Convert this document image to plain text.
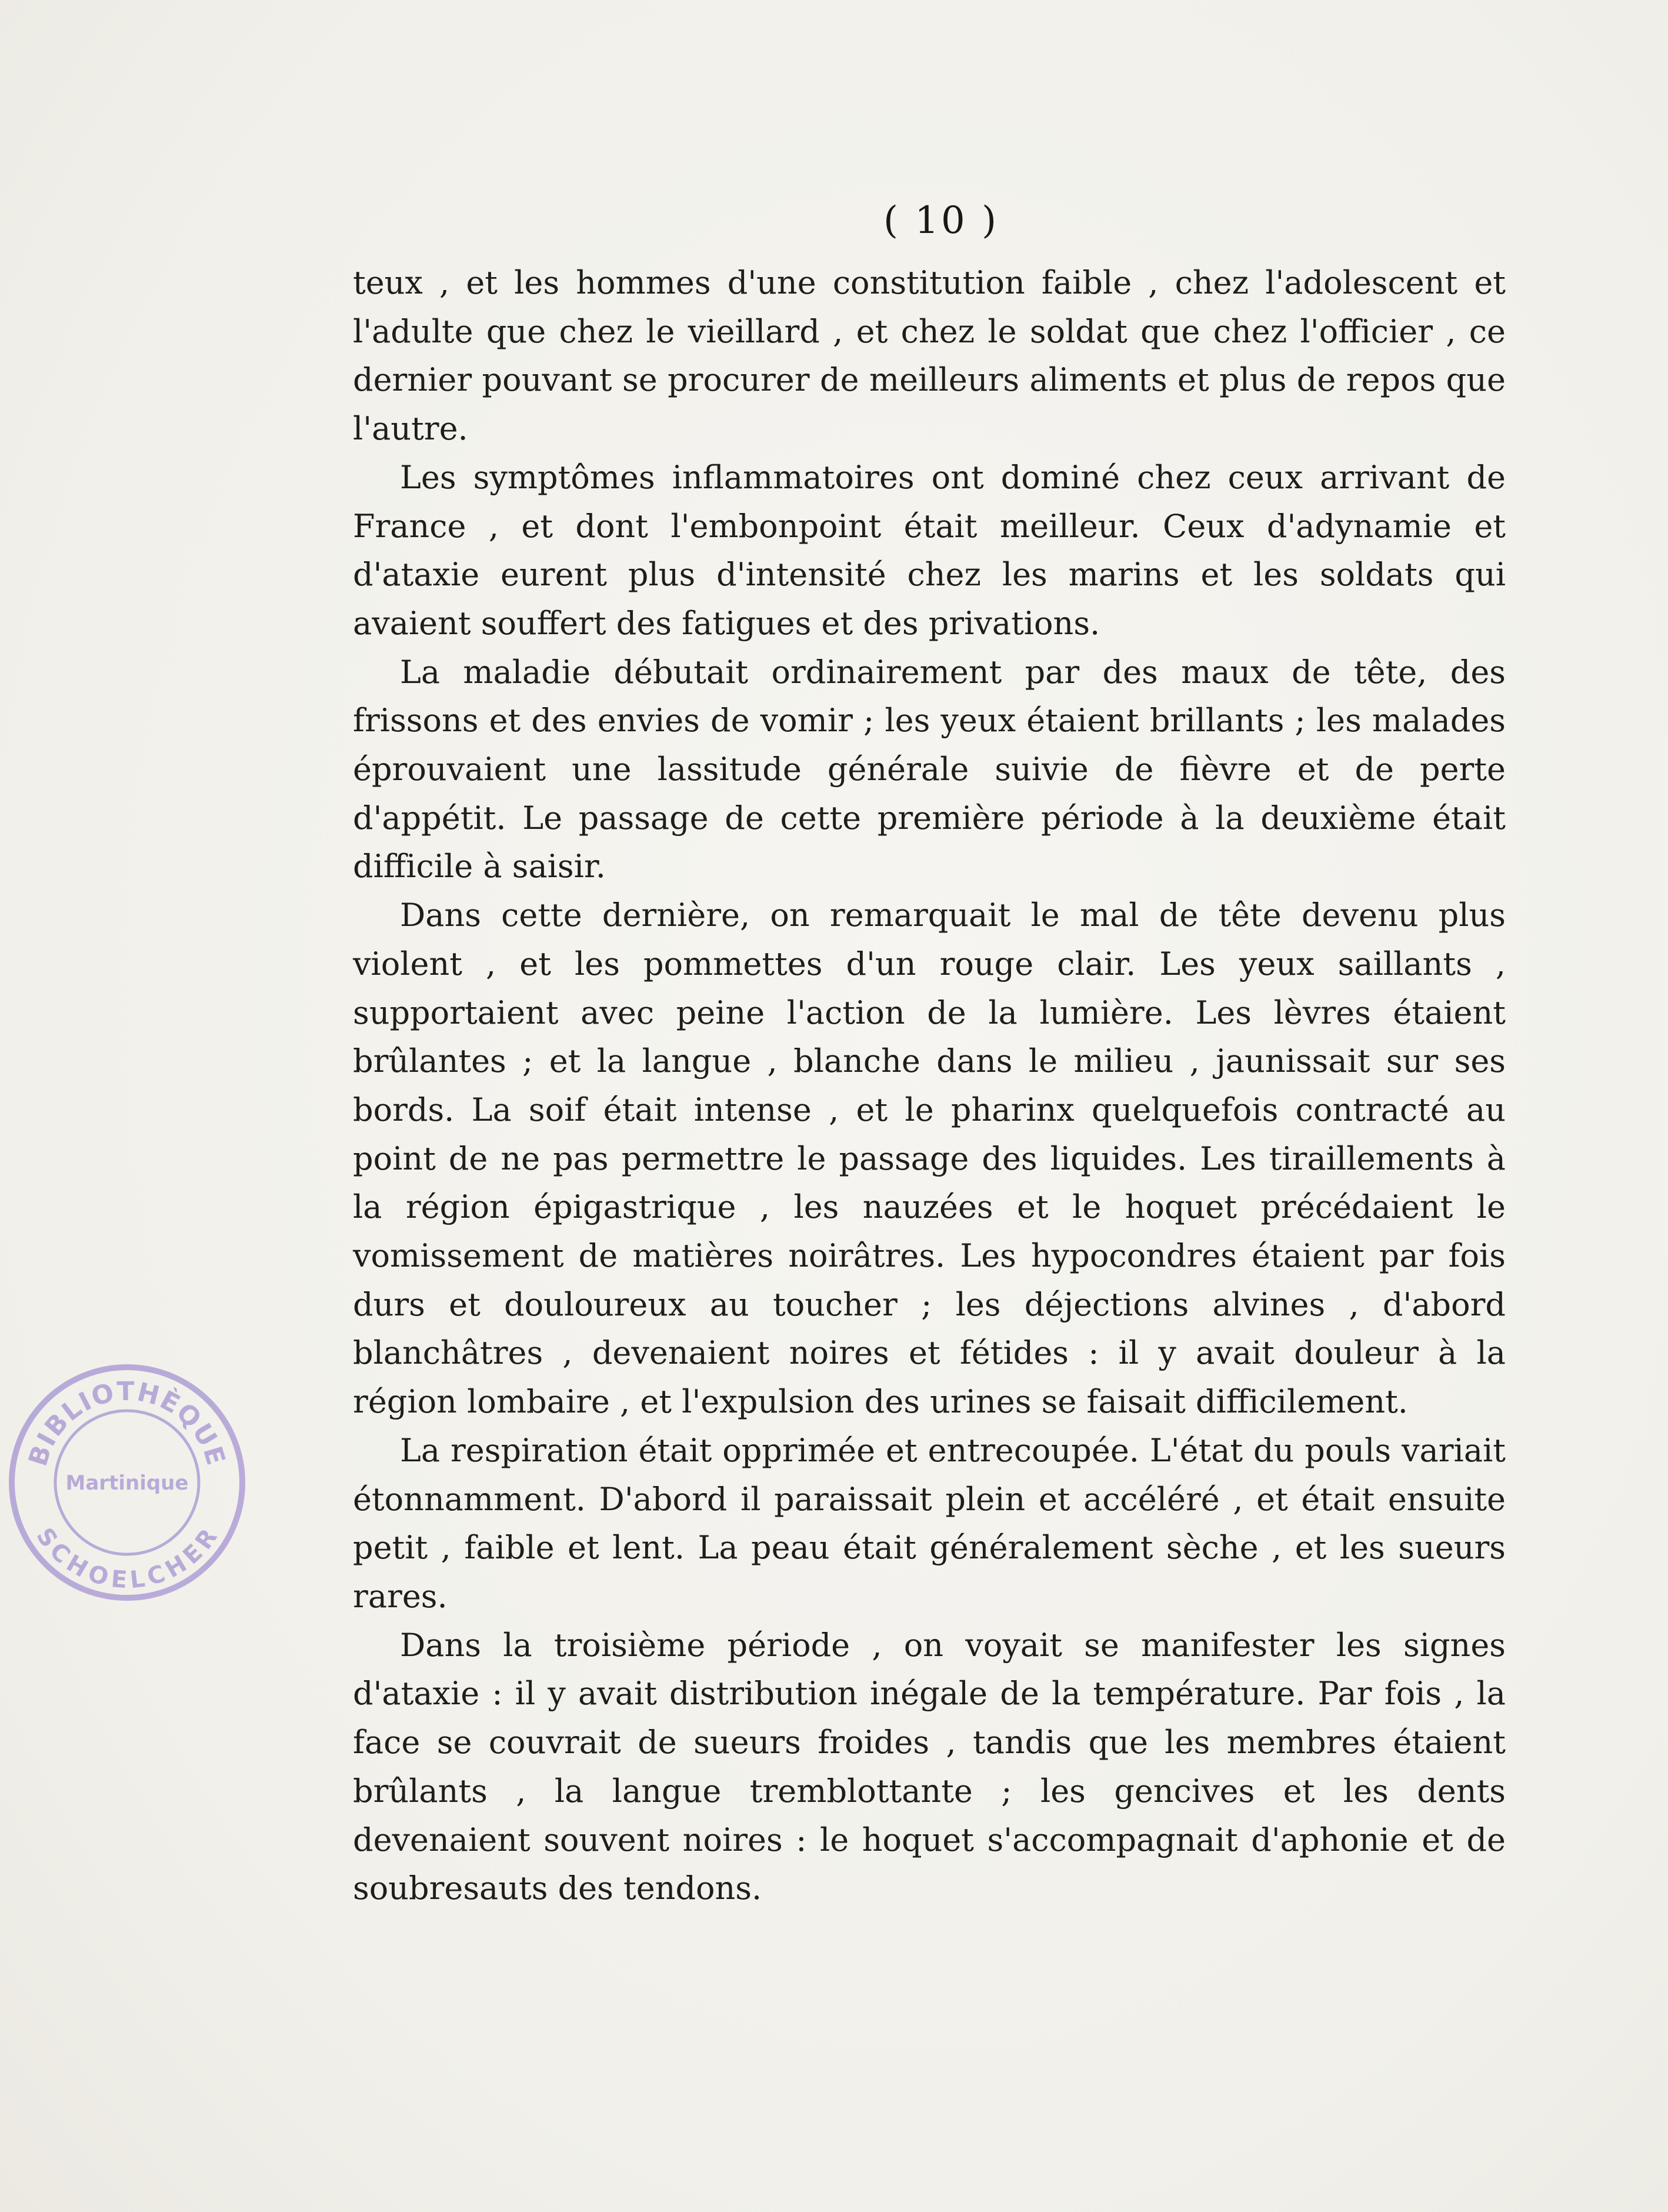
( 10 )

teux , et les hommes d'une constitution faible , chez l'adolescent et l'adulte que chez le vieillard , et chez le soldat que chez l'officier , ce dernier pouvant se procurer de meilleurs aliments et plus de repos que l'autre.

Les symptômes inflammatoires ont dominé chez ceux arrivant de France , et dont l'embonpoint était meilleur. Ceux d'adynamie et d'ataxie eurent plus d'intensité chez les marins et les soldats qui avaient souffert des fatigues et des privations.

La maladie débutait ordinairement par des maux de tête, des frissons et des envies de vomir ; les yeux étaient brillants ; les malades éprouvaient une lassitude générale suivie de fièvre et de perte d'appétit. Le passage de cette première période à la deuxième était difficile à saisir.

Dans cette dernière, on remarquait le mal de tête devenu plus violent , et les pommettes d'un rouge clair. Les yeux saillants , supportaient avec peine l'action de la lumière. Les lèvres étaient brûlantes ; et la langue , blanche dans le milieu , jaunissait sur ses bords. La soif était intense , et le pharinx quelquefois contracté au point de ne pas permettre le passage des liquides. Les tiraillements à la région épigastrique , les nauzées et le hoquet précédaient le vomissement de matières noirâtres. Les hypocondres étaient par fois durs et douloureux au toucher ; les déjections alvines , d'abord blanchâtres , devenaient noires et fétides : il y avait douleur à la région lombaire , et l'expulsion des urines se faisait difficilement.

La respiration était opprimée et entrecoupée. L'état du pouls variait étonnamment. D'abord il paraissait plein et accéléré , et était ensuite petit , faible et lent. La peau était généralement sèche , et les sueurs rares.

Dans la troisième période , on voyait se manifester les signes d'ataxie : il y avait distribution inégale de la température. Par fois , la face se couvrait de sueurs froides , tandis que les membres étaient brûlants , la langue tremblottante ; les gencives et les dents devenaient souvent noires : le hoquet s'accompagnait d'aphonie et de soubresauts des tendons.

BIBLIOTHÈQUE
Martinique
SCHOELCHER
